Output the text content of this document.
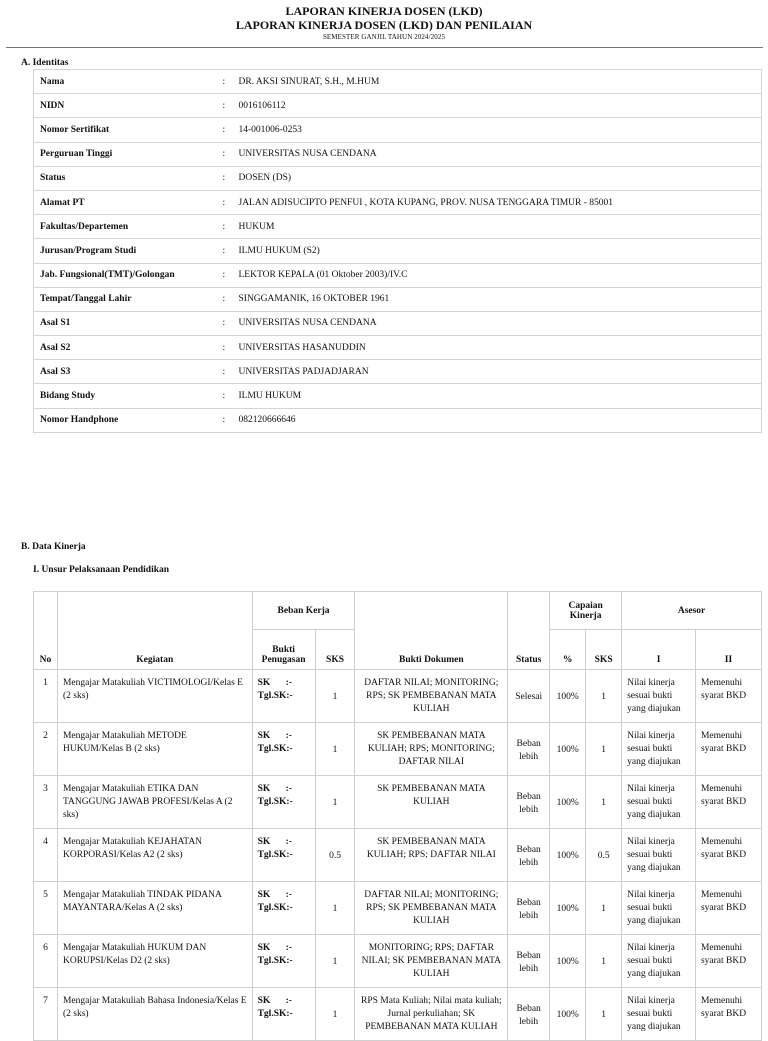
LAPORAN KINERJA DOSEN (LKD)
LAPORAN KINERJA DOSEN (LKD) DAN PENILAIAN
SEMESTER GANJIL TAHUN 2024/2025
A. Identitas
Nama	:	DR. AKSI SINURAT, S.H., M.HUM
NIDN	:	0016106112
Nomor Sertifikat	:	14-001006-0253
Perguruan Tinggi	:	UNIVERSITAS NUSA CENDANA
Status	:	DOSEN (DS)
Alamat PT	:	JALAN ADISUCIPTO PENFUI , KOTA KUPANG, PROV. NUSA TENGGARA TIMUR - 85001
Fakultas/Departemen	:	HUKUM
Jurusan/Program Studi	:	ILMU HUKUM (S2)
Jab. Fungsional(TMT)/Golongan	:	LEKTOR KEPALA (01 Oktober 2003)/IV.C
Tempat/Tanggal Lahir	:	SINGGAMANIK, 16 OKTOBER 1961
Asal S1	:	UNIVERSITAS NUSA CENDANA
Asal S2	:	UNIVERSITAS HASANUDDIN
Asal S3	:	UNIVERSITAS PADJADJARAN
Bidang Study	:	ILMU HUKUM
Nomor Handphone	:	082120666646
B. Data Kinerja
I. Unsur Pelaksanaan Pendidikan
No	Kegiatan	Beban Kerja		Bukti Dokumen	Status	Capaian Kinerja		Asesor	
		Bukti Penugasan	SKS			%	SKS	I	II
1	Mengajar Matakuliah VICTIMOLOGI/Kelas E (2 sks)	SK :-
Tgl.SK :-	1	DAFTAR NILAI; MONITORING; RPS; SK PEMBEBANAN MATA KULIAH	Selesai	100%	1	Nilai kinerja sesuai bukti yang diajukan	Memenuhi syarat BKD
2	Mengajar Matakuliah METODE HUKUM/Kelas B (2 sks)	SK :-
Tgl.SK :-	1	SK PEMBEBANAN MATA KULIAH; RPS; MONITORING; DAFTAR NILAI	Beban lebih	100%	1	Nilai kinerja sesuai bukti yang diajukan	Memenuhi syarat BKD
3	Mengajar Matakuliah ETIKA DAN TANGGUNG JAWAB PROFESI/Kelas A (2 sks)	SK :-
Tgl.SK :-	1	SK PEMBEBANAN MATA KULIAH	Beban lebih	100%	1	Nilai kinerja sesuai bukti yang diajukan	Memenuhi syarat BKD
4	Mengajar Matakuliah KEJAHATAN KORPORASI/Kelas A2 (2 sks)	SK :-
Tgl.SK :-	0.5	SK PEMBEBANAN MATA KULIAH; RPS; DAFTAR NILAI	Beban lebih	100%	0.5	Nilai kinerja sesuai bukti yang diajukan	Memenuhi syarat BKD
5	Mengajar Matakuliah TINDAK PIDANA MAYANTARA/Kelas A (2 sks)	SK :-
Tgl.SK :-	1	DAFTAR NILAI; MONITORING; RPS; SK PEMBEBANAN MATA KULIAH	Beban lebih	100%	1	Nilai kinerja sesuai bukti yang diajukan	Memenuhi syarat BKD
6	Mengajar Matakuliah HUKUM DAN KORUPSI/Kelas D2 (2 sks)	SK :-
Tgl.SK :-	1	MONITORING; RPS; DAFTAR NILAI; SK PEMBEBANAN MATA KULIAH	Beban lebih	100%	1	Nilai kinerja sesuai bukti yang diajukan	Memenuhi syarat BKD
7	Mengajar Matakuliah Bahasa Indonesia/Kelas E (2 sks)	SK :-
Tgl.SK :-	1	RPS Mata Kuliah; Nilai mata kuliah; Jurnal perkuliahan; SK PEMBEBANAN MATA KULIAH	Beban lebih	100%	1	Nilai kinerja sesuai bukti yang diajukan	Memenuhi syarat BKD
